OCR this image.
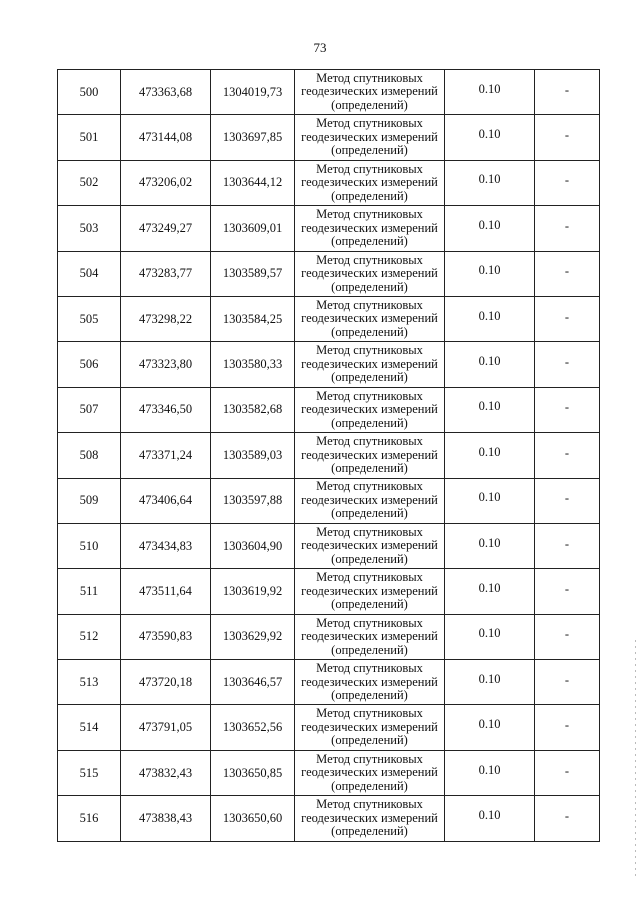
73
500	473363,68	1304019,73	Метод спутниковых
геодезических измерений
(определений)	0.10	-
501	473144,08	1303697,85	Метод спутниковых
геодезических измерений
(определений)	0.10	-
502	473206,02	1303644,12	Метод спутниковых
геодезических измерений
(определений)	0.10	-
503	473249,27	1303609,01	Метод спутниковых
геодезических измерений
(определений)	0.10	-
504	473283,77	1303589,57	Метод спутниковых
геодезических измерений
(определений)	0.10	-
505	473298,22	1303584,25	Метод спутниковых
геодезических измерений
(определений)	0.10	-
506	473323,80	1303580,33	Метод спутниковых
геодезических измерений
(определений)	0.10	-
507	473346,50	1303582,68	Метод спутниковых
геодезических измерений
(определений)	0.10	-
508	473371,24	1303589,03	Метод спутниковых
геодезических измерений
(определений)	0.10	-
509	473406,64	1303597,88	Метод спутниковых
геодезических измерений
(определений)	0.10	-
510	473434,83	1303604,90	Метод спутниковых
геодезических измерений
(определений)	0.10	-
511	473511,64	1303619,92	Метод спутниковых
геодезических измерений
(определений)	0.10	-
512	473590,83	1303629,92	Метод спутниковых
геодезических измерений
(определений)	0.10	-
513	473720,18	1303646,57	Метод спутниковых
геодезических измерений
(определений)	0.10	-
514	473791,05	1303652,56	Метод спутниковых
геодезических измерений
(определений)	0.10	-
515	473832,43	1303650,85	Метод спутниковых
геодезических измерений
(определений)	0.10	-
516	473838,43	1303650,60	Метод спутниковых
геодезических измерений
(определений)	0.10	-
